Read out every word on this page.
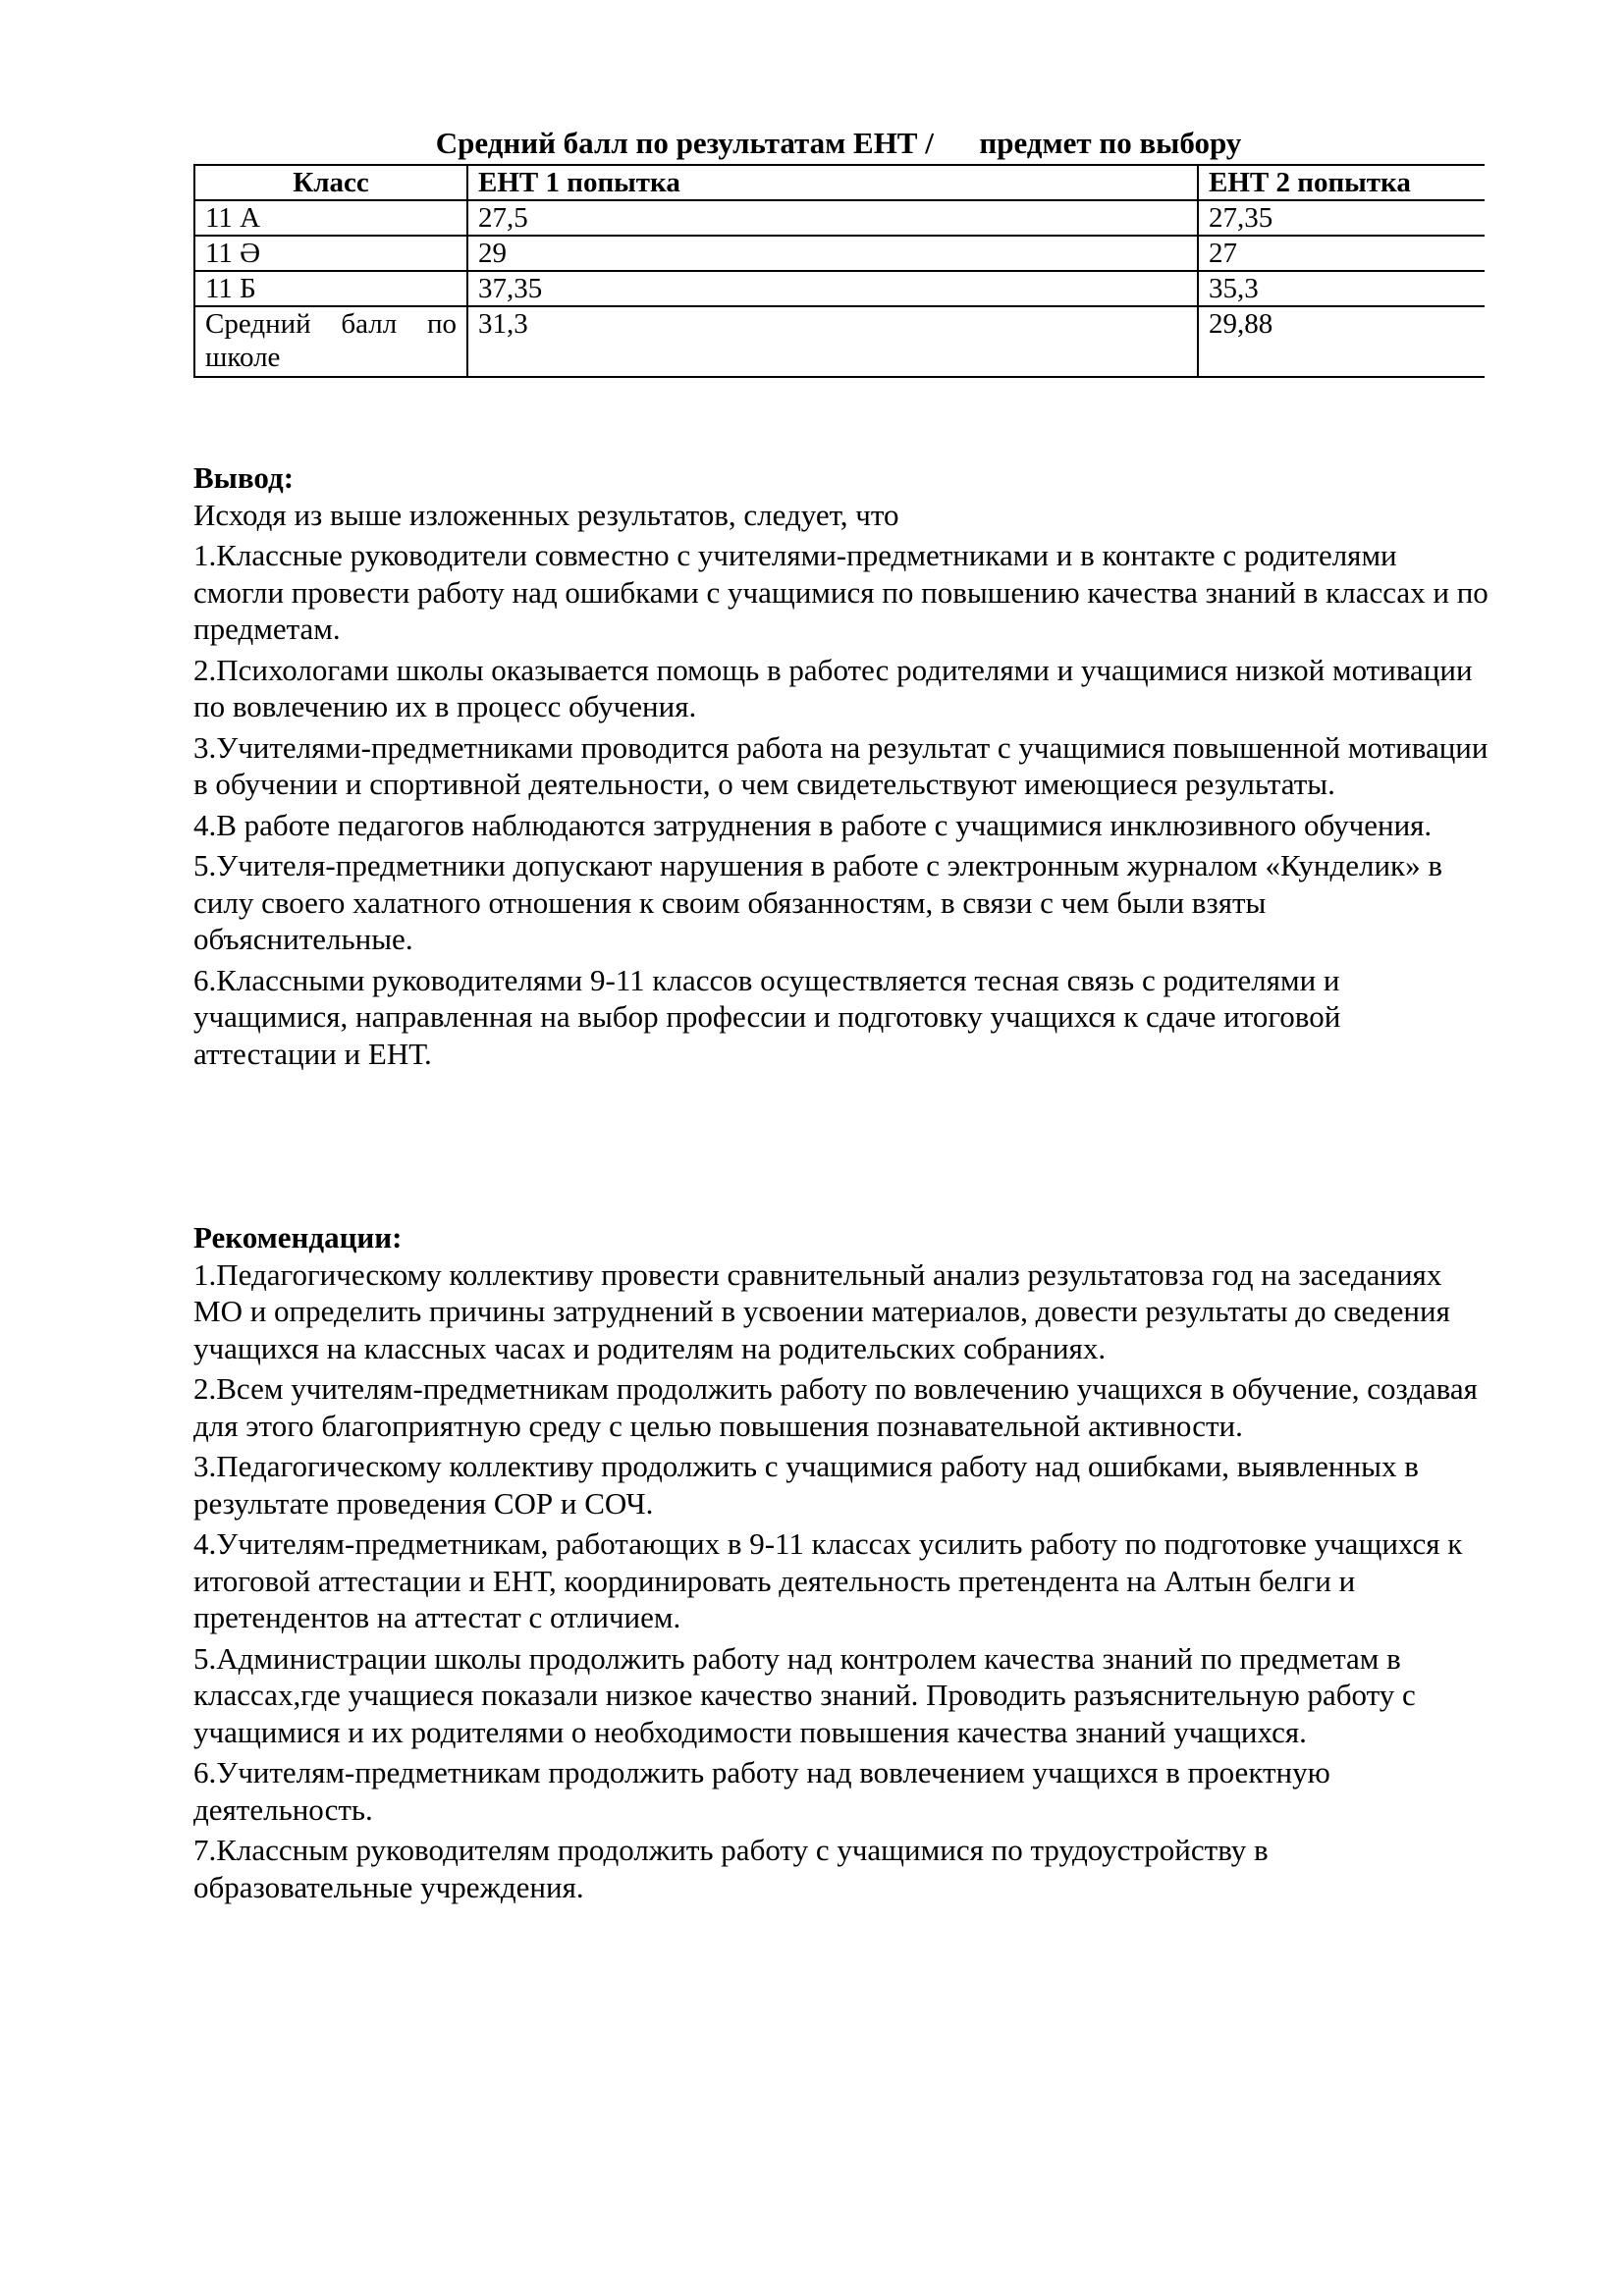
Средний балл по результатам ЕНТ /      предмет по выбору
Класс	ЕНТ 1 попытка	ЕНТ 2 попытка
11 А	27,5	27,35
11 Ә	29	27
11 Б	37,35	35,3
Средний балл по школе	31,3	29,88

Вывод:

Исходя из выше изложенных результатов, следует, что

1.Классные руководители совместно с учителями-предметниками и в контакте с родителями смогли провести работу над ошибками с учащимися по повышению качества знаний в классах и по предметам.

2.Психологами школы оказывается помощь в работес родителями и учащимися низкой мотивации по вовлечению их в процесс обучения.

3.Учителями-предметниками проводится работа на результат с учащимися повышенной мотивации в обучении и спортивной деятельности, о чем свидетельствуют имеющиеся результаты.

4.В работе педагогов наблюдаются затруднения в работе с учащимися инклюзивного обучения.

5.Учителя-предметники допускают нарушения в работе с электронным журналом «Кунделик» в силу своего халатного отношения к своим обязанностям, в связи с чем были взяты объяснительные.

6.Классными руководителями 9-11 классов осуществляется тесная связь с родителями и учащимися, направленная на выбор профессии и подготовку учащихся к сдаче итоговой аттестации и ЕНТ.

Рекомендации:

1.Педагогическому коллективу провести сравнительный анализ результатовза год на заседаниях МО и определить причины затруднений в усвоении материалов, довести результаты до сведения учащихся на классных часах и родителям на родительских собраниях.

2.Всем учителям-предметникам продолжить работу по вовлечению учащихся в обучение, создавая для этого благоприятную среду с целью повышения познавательной активности.

3.Педагогическому коллективу продолжить с учащимися работу над ошибками, выявленных в результате проведения СОР и СОЧ.

4.Учителям-предметникам, работающих в 9-11 классах усилить работу по подготовке учащихся к итоговой аттестации и ЕНТ, координировать деятельность претендента на Алтын белги и претендентов на аттестат с отличием.

5.Администрации школы продолжить работу над контролем качества знаний по предметам в классах,где учащиеся показали низкое качество знаний. Проводить разъяснительную работу с учащимися и их родителями о необходимости повышения качества знаний учащихся.

6.Учителям-предметникам продолжить работу над вовлечением учащихся в проектную деятельность.

7.Классным руководителям продолжить работу с учащимися по трудоустройству в образовательные учреждения.
